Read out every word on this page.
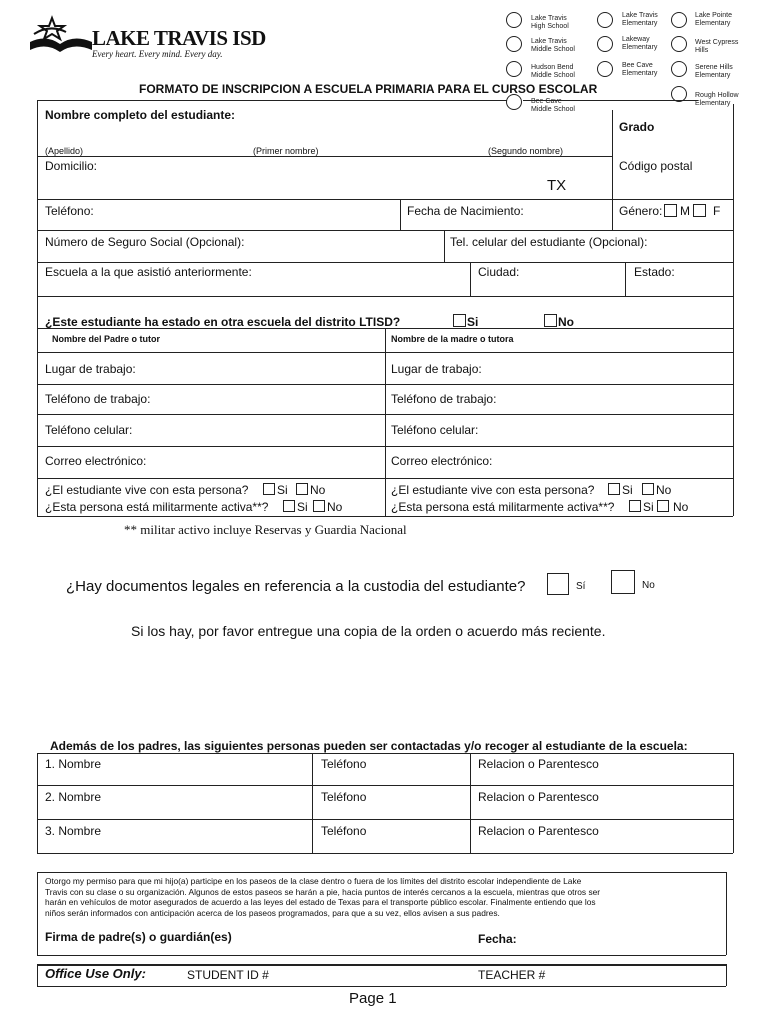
LAKE TRAVIS ISD
Every heart. Every mind. Every day.
Lake Travis
High School
Lake Travis
Elementary
Lake Pointe
Elementary
Lake Travis
Middle School
Lakeway
Elementary
West Cypress
Hills
Hudson Bend
Middle School
Bee Cave
Elementary
Serene Hills
Elementary
Bee Cave
Middle School
Rough Hollow
Elementary
FORMATO DE INSCRIPCION A ESCUELA PRIMARIA PARA EL CURSO ESCOLAR
Nombre completo del estudiante:
Grado
(Apellido)	(Primer nombre)	(Segundo nombre)
Domicilio:	Código postal
TX
Teléfono:	Fecha de Nacimiento:	Género: M F
Número de Seguro Social (Opcional):	Tel. celular del estudiante (Opcional):
Escuela a la que asistió anteriormente:	Ciudad:	Estado:
¿Este estudiante ha estado en otra escuela del distrito LTISD?	Si	No
Nombre del Padre o tutor	Nombre de la madre o tutora
Lugar de trabajo:	Lugar de trabajo:
Teléfono de trabajo:	Teléfono de trabajo:
Teléfono celular:	Teléfono celular:
Correo electrónico:	Correo electrónico:
¿El estudiante vive con esta persona? Si No	¿El estudiante vive con esta persona? Si No
¿Esta persona está militarmente activa**? Si No	¿Esta persona está militarmente activa**? Si No
** militar activo incluye Reservas y Guardia Nacional
¿Hay documentos legales en referencia a la custodia del estudiante?	Sí	No
Si los hay, por favor entregue una copia de la orden o acuerdo más reciente.
Además de los padres, las siguientes personas pueden ser contactadas y/o recoger al estudiante de la escuela:
1. Nombre	Teléfono	Relacion o Parentesco
2. Nombre	Teléfono	Relacion o Parentesco
3. Nombre	Teléfono	Relacion o Parentesco
Otorgo my permiso para que mi hijo(a) participe en los paseos de la clase dentro o fuera de los límites del distrito escolar independiente de Lake
Travis con su clase o su organización. Algunos de estos paseos se harán a pie, hacia puntos de interés cercanos a la escuela, mientras que otros ser
harán en vehículos de motor asegurados de acuerdo a las leyes del estado de Texas para el transporte público escolar. Finalmente entiendo que los
niños serán informados con anticipación acerca de los paseos programados, para que a su vez, ellos avisen a sus padres.
Firma de padre(s) o guardián(es)	Fecha:
Office Use Only:	STUDENT ID #	TEACHER #
Page 1
